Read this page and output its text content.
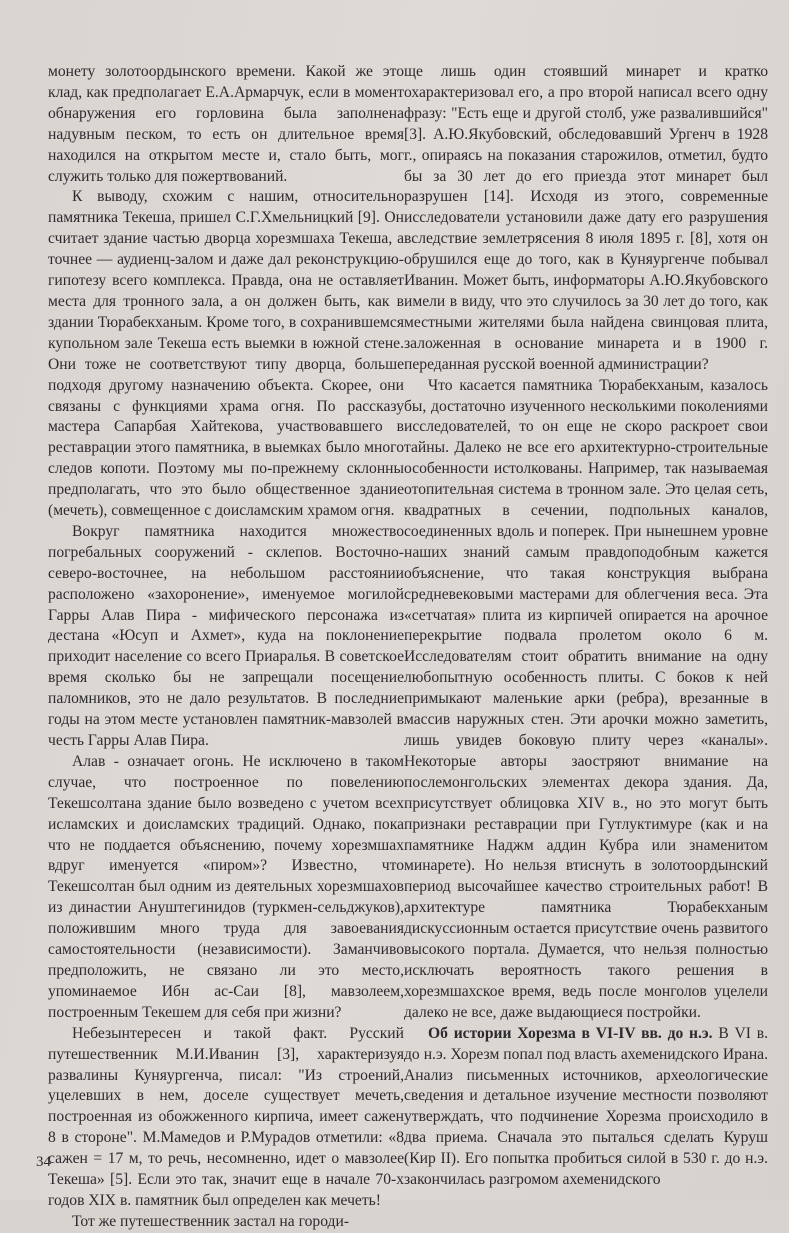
монету золотоордынского времени. Какой же это клад, как предполагает Е.А.Армарчук, если в момент обнаружения его горловина была заполнена надувным песком, то есть он длительное время находился на открытом месте и, стало быть, мог служить только для пожертвований.

К выводу, схожим с нашим, относительно памятника Текеша, пришел С.Г.Хмельницкий [9]. Он считает здание частью дворца хорезмшаха Текеша, а точнее — аудиенц-залом и даже дал реконструкцию-гипотезу всего комплекса. Правда, она не оставляет места для тронного зала, а он должен быть, как в здании Тюрабекханым. Кроме того, в сохранившемся купольном зале Текеша есть выемки в южной стене. Они тоже не соответствуют типу дворца, больше подходя другому назначению объекта. Скорее, они связаны с функциями храма огня. По рассказу мастера Сапарбая Хайтекова, участвовавшего в реставрации этого памятника, в выемках было много следов копоти. Поэтому мы по-прежнему склонны предполагать, что это было общественное здание (мечеть), совмещенное с доисламским храмом огня.

Вокруг памятника находится множество погребальных сооружений - склепов. Восточно-северо-восточнее, на небольшом расстоянии расположено «захоронение», именуемое могилой Гарры Алав Пира - мифического персонажа из дестана «Юсуп и Ахмет», куда на поклонение приходит население со всего Приаралья. В советское время сколько бы не запрещали посещение паломников, это не дало результатов. В последние годы на этом месте установлен памятник-мавзолей в честь Гарры Алав Пира.

Алав - означает огонь. Не исключено в таком случае, что построенное по повелению Текешсолтана здание было возведено с учетом всех исламских и доисламских традиций. Однако, пока что не поддается объяснению, почему хорезмшах вдруг именуется «пиром»? Известно, что Текешсолтан был одним из деятельных хорезмшахов из династии Ануштегинидов (туркмен-сельджуков), положившим много труда для завоевания самостоятельности (независимости). Заманчиво предположить, не связано ли это место, упоминаемое Ибн ас-Саи [8], мавзолеем, построенным Текешем для себя при жизни?

Небезынтересен и такой факт. Русский путешественник М.И.Иванин [3], характеризуя развалины Куняургенча, писал: "Из строений, уцелевших в нем, доселе существует мечеть, построенная из обожженного кирпича, имеет сажен 8 в стороне". М.Мамедов и Р.Мурадов отметили: «8 сажен = 17 м, то речь, несомненно, идет о мавзолее Текеша» [5]. Если это так, значит еще в начале 70-х годов XIX в. памятник был определен как мечеть!

Тот же путешественник застал на городи-

ще лишь один стоявший минарет и кратко охарактеризовал его, а про второй написал всего одну фразу: "Есть еще и другой столб, уже развалившийся" [3]. А.Ю.Якубовский, обследовавший Ургенч в 1928 г., опираясь на показания старожилов, отметил, будто бы за 30 лет до его приезда этот минарет был разрушен [14]. Исходя из этого, современные исследователи установили даже дату его разрушения вследствие землетрясения 8 июля 1895 г. [8], хотя он обрушился еще до того, как в Куняургенче побывал Иванин. Может быть, информаторы А.Ю.Якубовского имели в виду, что это случилось за 30 лет до того, как местными жителями была найдена свинцовая плита, заложенная в основание минарета и в 1900 г. переданная русской военной администрации?

Что касается памятника Тюрабекханым, казалось бы, достаточно изученного несколькими поколениями исследователей, то он еще не скоро раскроет свои тайны. Далеко не все его архитектурно-строительные особенности истолкованы. Например, так называемая отопительная система в тронном зале. Это целая сеть, квадратных в сечении, подпольных каналов, соединенных вдоль и поперек. При нынешнем уровне наших знаний самым правдоподобным кажется объяснение, что такая конструкция выбрана средневековыми мастерами для облегчения веса. Эта «сетчатая» плита из кирпичей опирается на арочное перекрытие подвала пролетом около 6 м. Исследователям стоит обратить внимание на одну любопытную особенность плиты. С боков к ней примыкают маленькие арки (ребра), врезанные в массив наружных стен. Эти арочки можно заметить, лишь увидев боковую плиту через «каналы». Некоторые авторы заостряют внимание на послемонгольских элементах декора здания. Да, присутствует облицовка XIV в., но это могут быть признаки реставрации при Гутлуктимуре (как и на памятнике Наджм аддин Кубра или знаменитом минарете). Но нельзя втиснуть в золотоордынский период высочайшее качество строительных работ! В архитектуре памятника Тюрабекханым дискуссионным остается присутствие очень развитого высокого портала. Думается, что нельзя полностью исключать вероятность такого решения в хорезмшахское время, ведь после монголов уцелели далеко не все, даже выдающиеся постройки.

Об истории Хорезма в VI-IV вв. до н.э. В VI в. до н.э. Хорезм попал под власть ахеменидского Ирана. Анализ письменных источников, археологические сведения и детальное изучение местности позволяют утверждать, что подчинение Хорезма происходило в два приема. Сначала это пыталься сделать Куруш (Кир II). Его попытка пробиться силой в 530 г. до н.э. закончилась разгромом ахеменидского

34
